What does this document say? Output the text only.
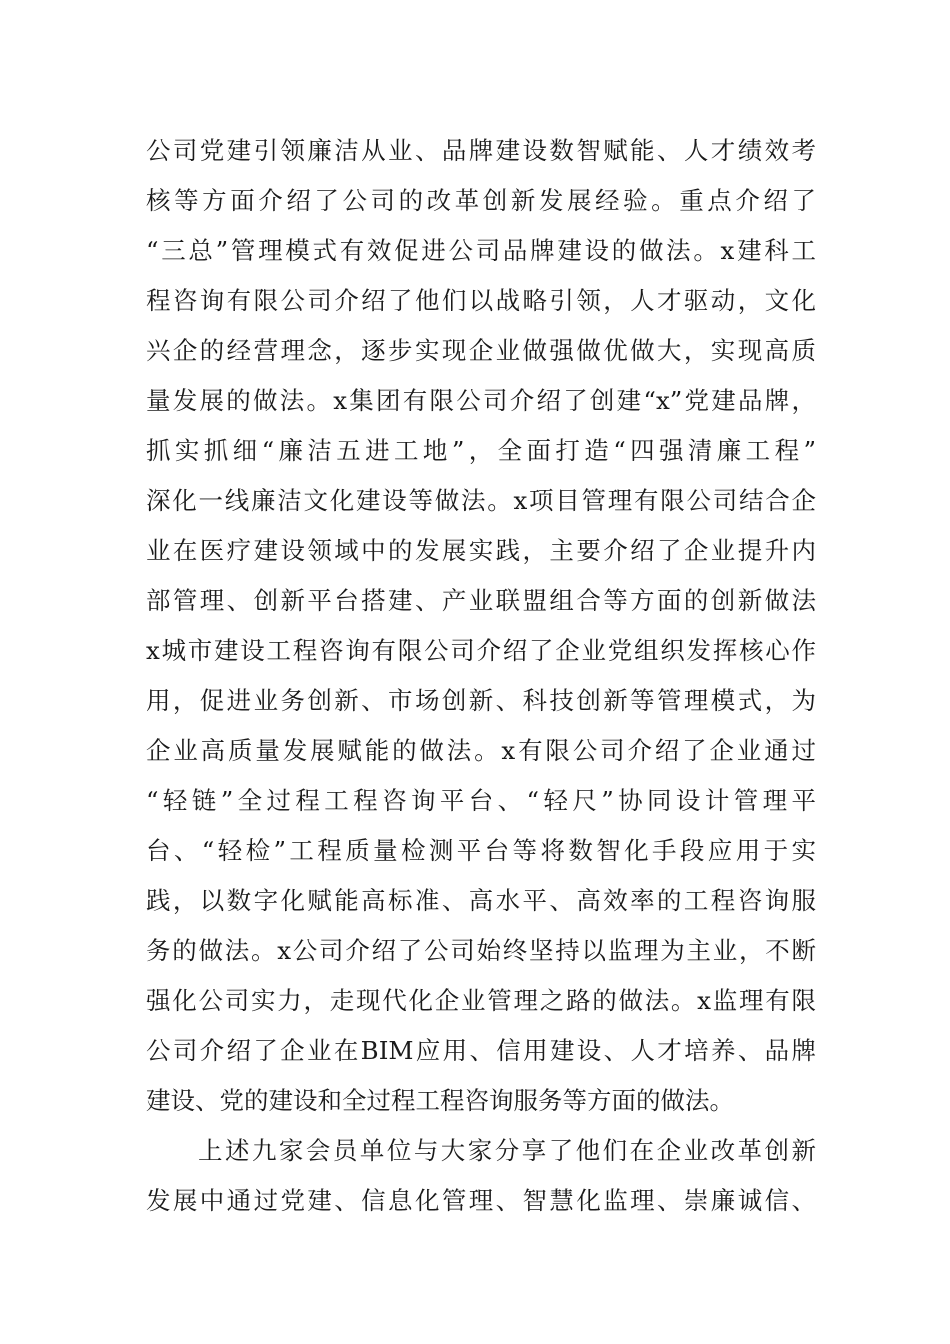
公司党建引领廉洁从业、品牌建设数智赋能、人才绩效考
核等方面介绍了公司的改革创新发展经验。重点介绍了
“三总”管理模式有效促进公司品牌建设的做法。x建科工
程咨询有限公司介绍了他们以战略引领，人才驱动，文化
兴企的经营理念，逐步实现企业做强做优做大，实现高质
量发展的做法。x集团有限公司介绍了创建“x”党建品牌，
抓实抓细“廉洁五进工地”，全面打造“四强清廉工程”
深化一线廉洁文化建设等做法。x项目管理有限公司结合企
业在医疗建设领域中的发展实践，主要介绍了企业提升内
部管理、创新平台搭建、产业联盟组合等方面的创新做法
x城市建设工程咨询有限公司介绍了企业党组织发挥核心作
用，促进业务创新、市场创新、科技创新等管理模式，为
企业高质量发展赋能的做法。x有限公司介绍了企业通过
“轻链”全过程工程咨询平台、“轻尺”协同设计管理平
台、“轻检”工程质量检测平台等将数智化手段应用于实
践，以数字化赋能高标准、高水平、高效率的工程咨询服
务的做法。x公司介绍了公司始终坚持以监理为主业，不断
强化公司实力，走现代化企业管理之路的做法。x监理有限
公司介绍了企业在BIM应用、信用建设、人才培养、品牌
建设、党的建设和全过程工程咨询服务等方面的做法。
上述九家会员单位与大家分享了他们在企业改革创新
发展中通过党建、信息化管理、智慧化监理、崇廉诚信、
